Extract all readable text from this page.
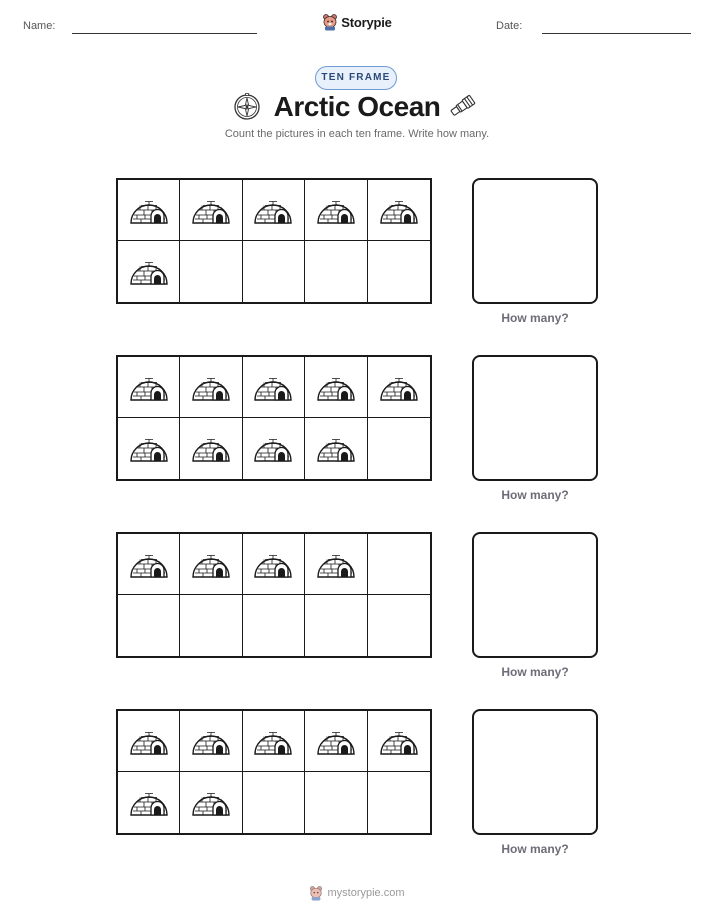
Name:	Date:
Storypie
TEN FRAME
Arctic Ocean
Count the pictures in each ten frame. Write how many.
How many?
How many?
How many?
How many?
mystorypie.com
